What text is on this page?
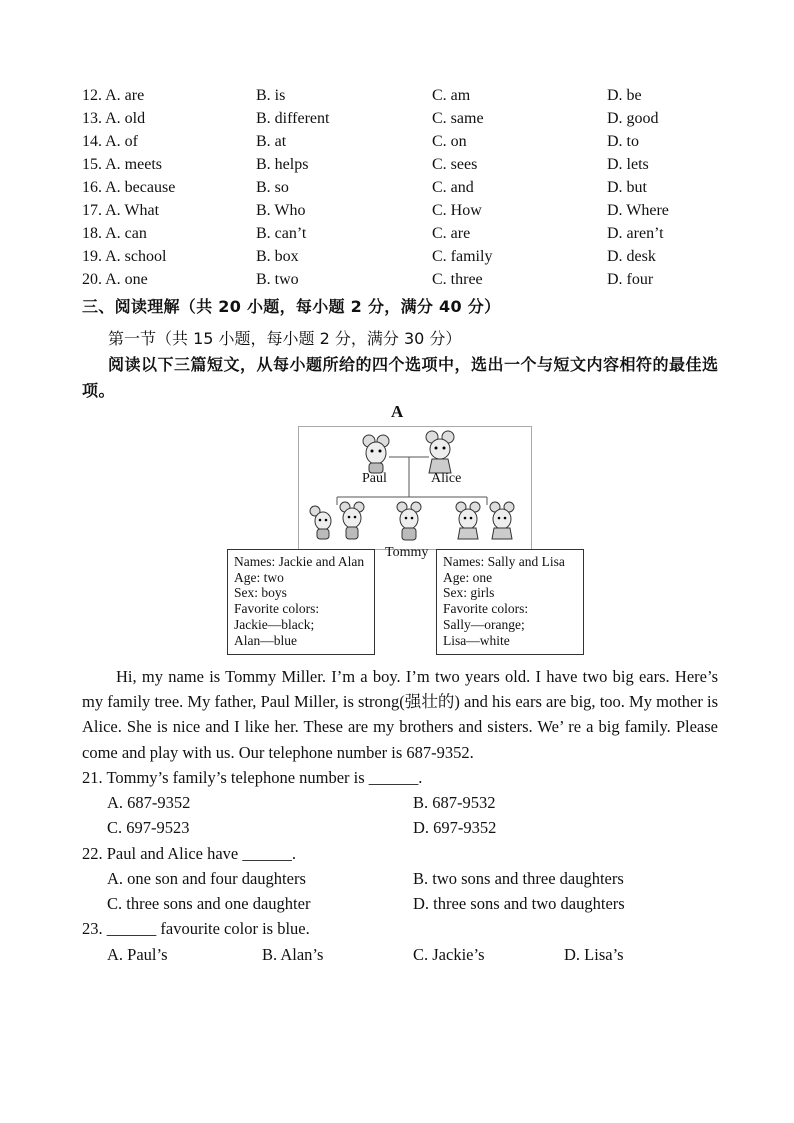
12. A. are	B. is	C. am	D. be
13. A. old	B. different	C. same	D. good
14. A. of	B. at	C. on	D. to
15. A. meets	B. helps	C. sees	D. lets
16. A. because	B. so	C. and	D. but
17. A. What	B. Who	C. How	D. Where
18. A. can	B. can’t	C. are	D. aren’t
19. A. school	B. box	C. family	D. desk
20. A. one	B. two	C. three	D. four
三、阅读理解（共 20 小题，每小题 2 分，满分 40 分）
第一节（共 15 小题，每小题 2 分，满分 30 分）
阅读以下三篇短文，从每小题所给的四个选项中，选出一个与短文内容相符的最佳选项。
A
Paul	Alice
Tommy
Names: Jackie and Alan
Age: two
Sex: boys
Favorite colors:
Jackie—black;
Alan—blue
Names: Sally and Lisa
Age: one
Sex: girls
Favorite colors:
Sally—orange;
Lisa—white
Hi, my name is Tommy Miller. I’m a boy. I’m two years old. I have two big ears. Here’s my family tree. My father, Paul Miller, is strong(强壮的) and his ears are big, too. My mother is Alice. She is nice and I like her. These are my brothers and sisters. We’ re a big family. Please come and play with us. Our telephone number is 687-9352.
21. Tommy’s family’s telephone number is ______.
A. 687-9352	B. 687-9532
C. 697-9523	D. 697-9352
22. Paul and Alice have ______.
A. one son and four daughters	B. two sons and three daughters
C. three sons and one daughter	D. three sons and two daughters
23. ______ favourite color is blue.
A. Paul’s	B. Alan’s	C. Jackie’s	D. Lisa’s
